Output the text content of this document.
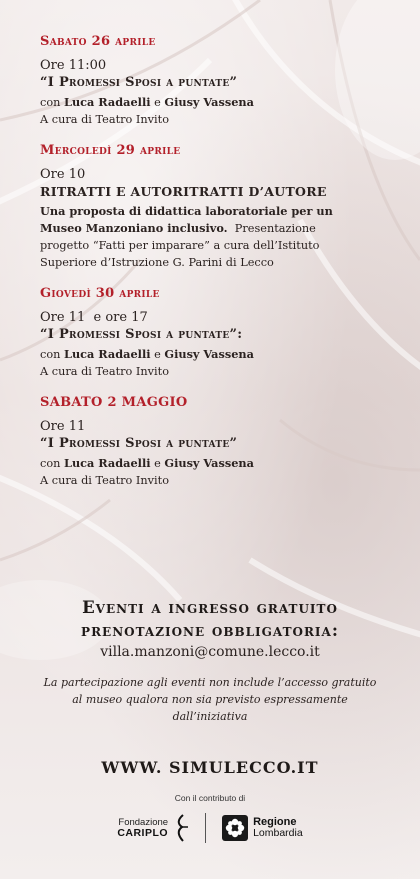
Sabato 26 aprile
Ore 11:00
“I Promessi Sposi a puntate”
con Luca Radaelli e Giusy Vassena
A cura di Teatro Invito
Mercoledì 29 aprile
Ore 10
RITRATTI E AUTORITRATTI D’AUTORE
Una proposta di didattica laboratoriale per un
Museo Manzoniano inclusivo.  Presentazione
progetto “Fatti per imparare” a cura dell’Istituto
Superiore d’Istruzione G. Parini di Lecco
Giovedì 30 aprile
Ore 11  e ore 17
“I Promessi Sposi a puntate”:
con Luca Radaelli e Giusy Vassena
A cura di Teatro Invito
SABATO 2 MAGGIO
Ore 11
“I Promessi Sposi a puntate”
con Luca Radaelli e Giusy Vassena
A cura di Teatro Invito
Eventi a ingresso gratuito
prenotazione obbligatoria:
villa.manzoni@comune.lecco.it
La partecipazione agli eventi non include l’accesso gratuito al museo qualora non sia previsto espressamente dall’iniziativa
WWW. SIMULECCO.IT
Con il contributo di
Fondazione
CARIPLO
Regione
Lombardia
